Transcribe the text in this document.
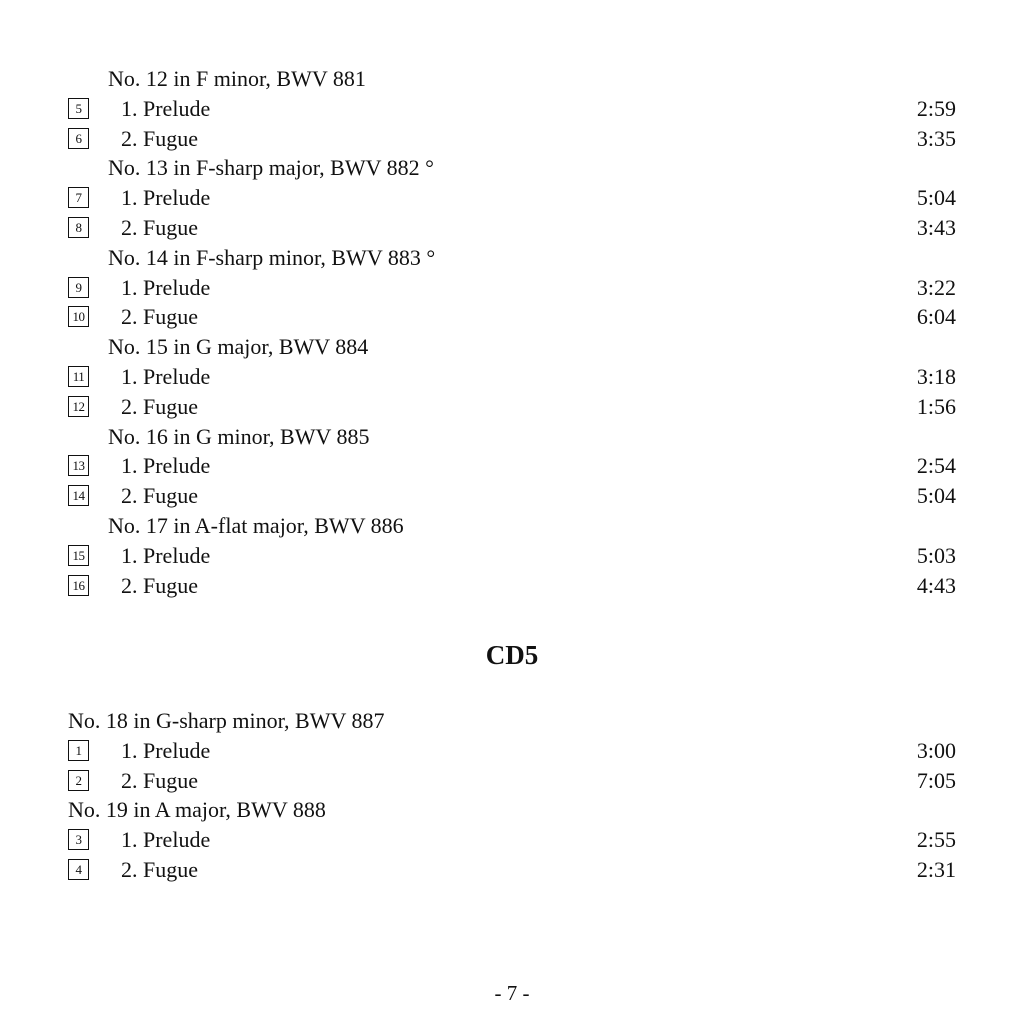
No. 12 in F minor, BWV 881
5	1. Prelude	2:59
6	2. Fugue	3:35
No. 13 in F-sharp major, BWV 882 °
7	1. Prelude	5:04
8	2. Fugue	3:43
No. 14 in F-sharp minor, BWV 883 °
9	1. Prelude	3:22
10 2. Fugue	6:04
No. 15 in G major, BWV 884
11 1. Prelude	3:18
12 2. Fugue	1:56
No. 16 in G minor, BWV 885
13 1. Prelude	2:54
14 2. Fugue	5:04
No. 17 in A-flat major, BWV 886
15 1. Prelude	5:03
16 2. Fugue	4:43
CD5
No. 18 in G-sharp minor, BWV 887
1	1. Prelude	3:00
2	2. Fugue	7:05
No. 19 in A major, BWV 888
3	1. Prelude	2:55
4	2. Fugue	2:31
- 7 -
